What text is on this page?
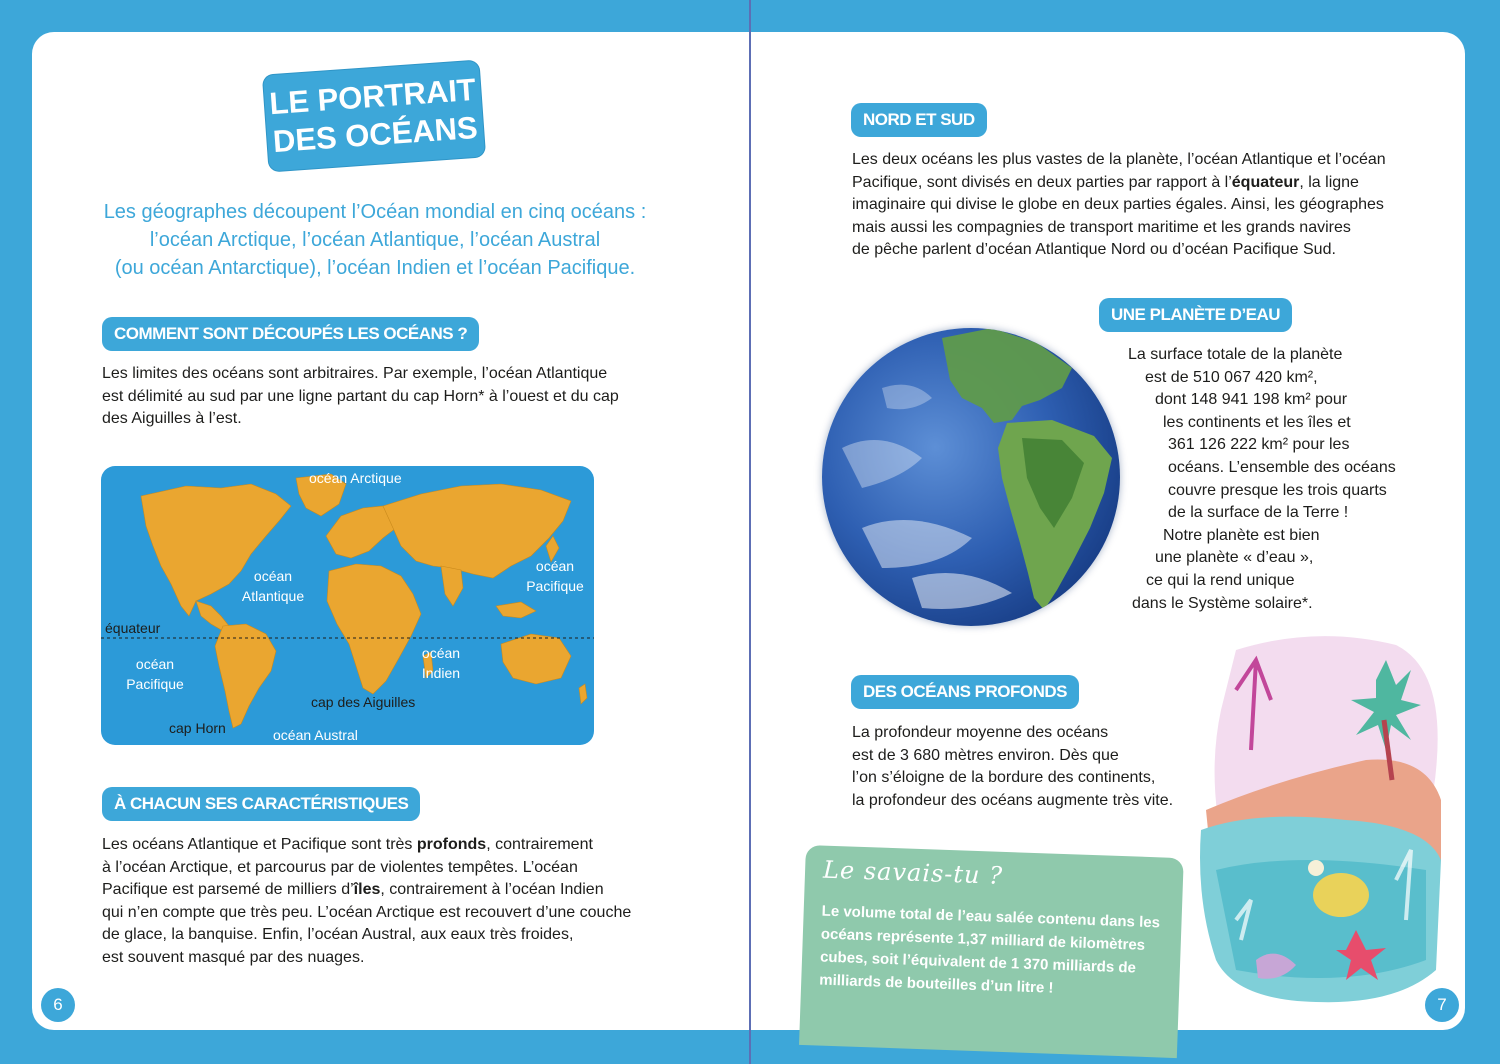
LE PORTRAIT
DES OCÉANS
Les géographes découpent l’Océan mondial en cinq océans :
l’océan Arctique, l’océan Atlantique, l’océan Austral
(ou océan Antarctique), l’océan Indien et l’océan Pacifique.
COMMENT SONT DÉCOUPÉS LES OCÉANS ?
Les limites des océans sont arbitraires. Par exemple, l’océan Atlantique
est délimité au sud par une ligne partant du cap Horn* à l’ouest et du cap
des Aiguilles à l’est.
océan Arctique
océan
Atlantique
océan
Pacifique
équateur
océan
Pacifique
océan
Indien
cap des Aiguilles
cap Horn	océan Austral
À CHACUN SES CARACTÉRISTIQUES
Les océans Atlantique et Pacifique sont très profonds, contrairement
à l’océan Arctique, et parcourus par de violentes tempêtes. L’océan
Pacifique est parsemé de milliers d’îles, contrairement à l’océan Indien
qui n’en compte que très peu. L’océan Arctique est recouvert d’une couche
de glace, la banquise. Enfin, l’océan Austral, aux eaux très froides,
est souvent masqué par des nuages.
6
NORD ET SUD
Les deux océans les plus vastes de la planète, l’océan Atlantique et l’océan
Pacifique, sont divisés en deux parties par rapport à l’équateur, la ligne
imaginaire qui divise le globe en deux parties égales. Ainsi, les géographes
mais aussi les compagnies de transport maritime et les grands navires
de pêche parlent d’océan Atlantique Nord ou d’océan Pacifique Sud.
UNE PLANÈTE D’EAU
La surface totale de la planète
est de 510 067 420 km²,
dont 148 941 198 km² pour
les continents et les îles et
361 126 222 km² pour les
océans. L’ensemble des océans
couvre presque les trois quarts
de la surface de la Terre !
Notre planète est bien
une planète « d’eau »,
ce qui la rend unique
dans le Système solaire*.
DES OCÉANS PROFONDS
La profondeur moyenne des océans
est de 3 680 mètres environ. Dès que
l’on s’éloigne de la bordure des continents,
la profondeur des océans augmente très vite.
Le savais-tu ?
Le volume total de l’eau salée contenu dans les
océans représente 1,37 milliard de kilomètres
cubes, soit l’équivalent de 1 370 milliards de
milliards de bouteilles d’un litre !
7
